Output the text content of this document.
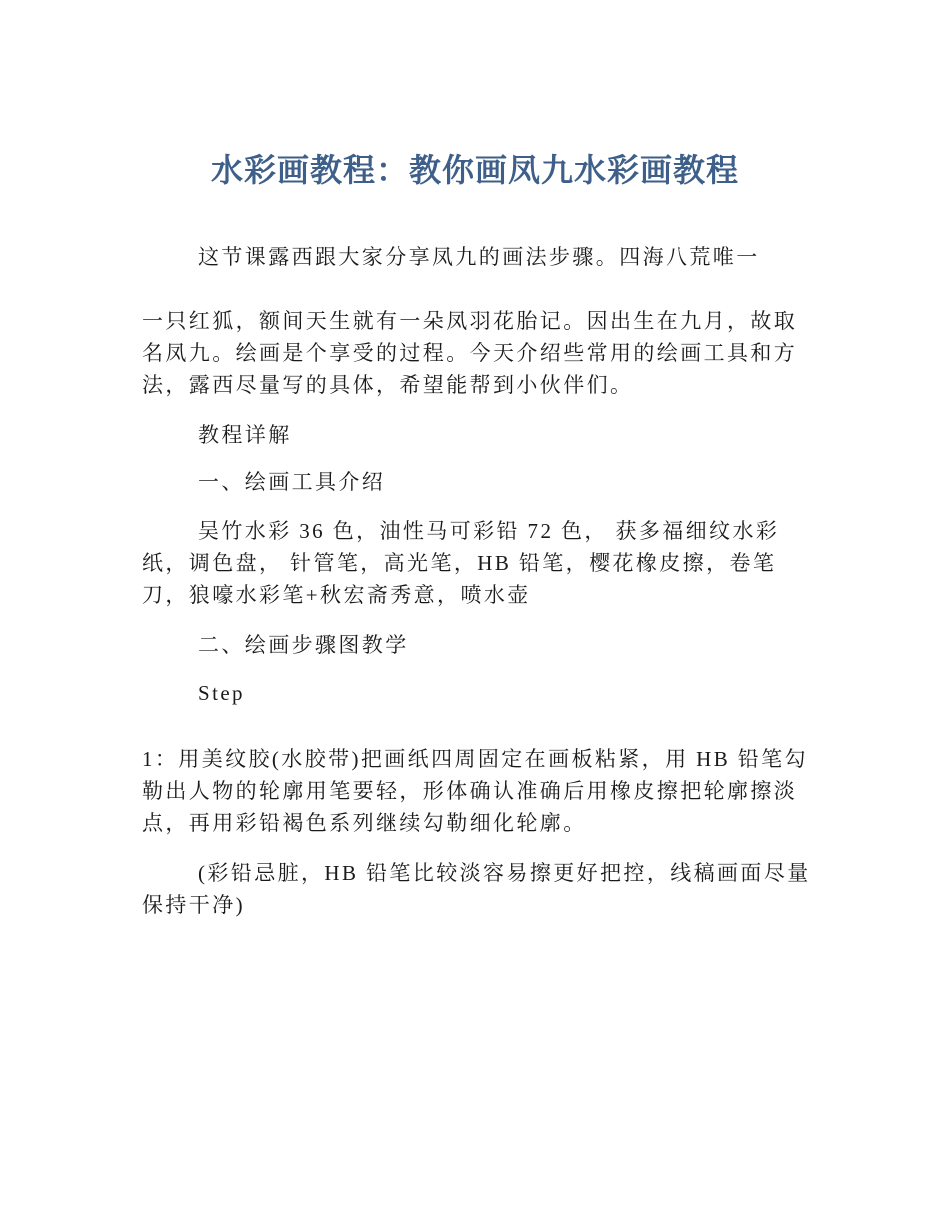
水彩画教程：教你画凤九水彩画教程

这节课露西跟大家分享凤九的画法步骤。四海八荒唯一

一只红狐，额间天生就有一朵凤羽花胎记。因出生在九月，故取名凤九。绘画是个享受的过程。今天介绍些常用的绘画工具和方法，露西尽量写的具体，希望能帮到小伙伴们。

教程详解

一、绘画工具介绍

吴竹水彩 36 色，油性马可彩铅 72 色， 获多福细纹水彩纸，调色盘， 针管笔，高光笔，HB 铅笔，樱花橡皮擦，卷笔刀，狼嚎水彩笔+秋宏斋秀意，喷水壶

二、绘画步骤图教学

Step

1：用美纹胶(水胶带)把画纸四周固定在画板粘紧，用 HB 铅笔勾勒出人物的轮廓用笔要轻，形体确认准确后用橡皮擦把轮廓擦淡点，再用彩铅褐色系列继续勾勒细化轮廓。

(彩铅忌脏，HB 铅笔比较淡容易擦更好把控，线稿画面尽量保持干净)
